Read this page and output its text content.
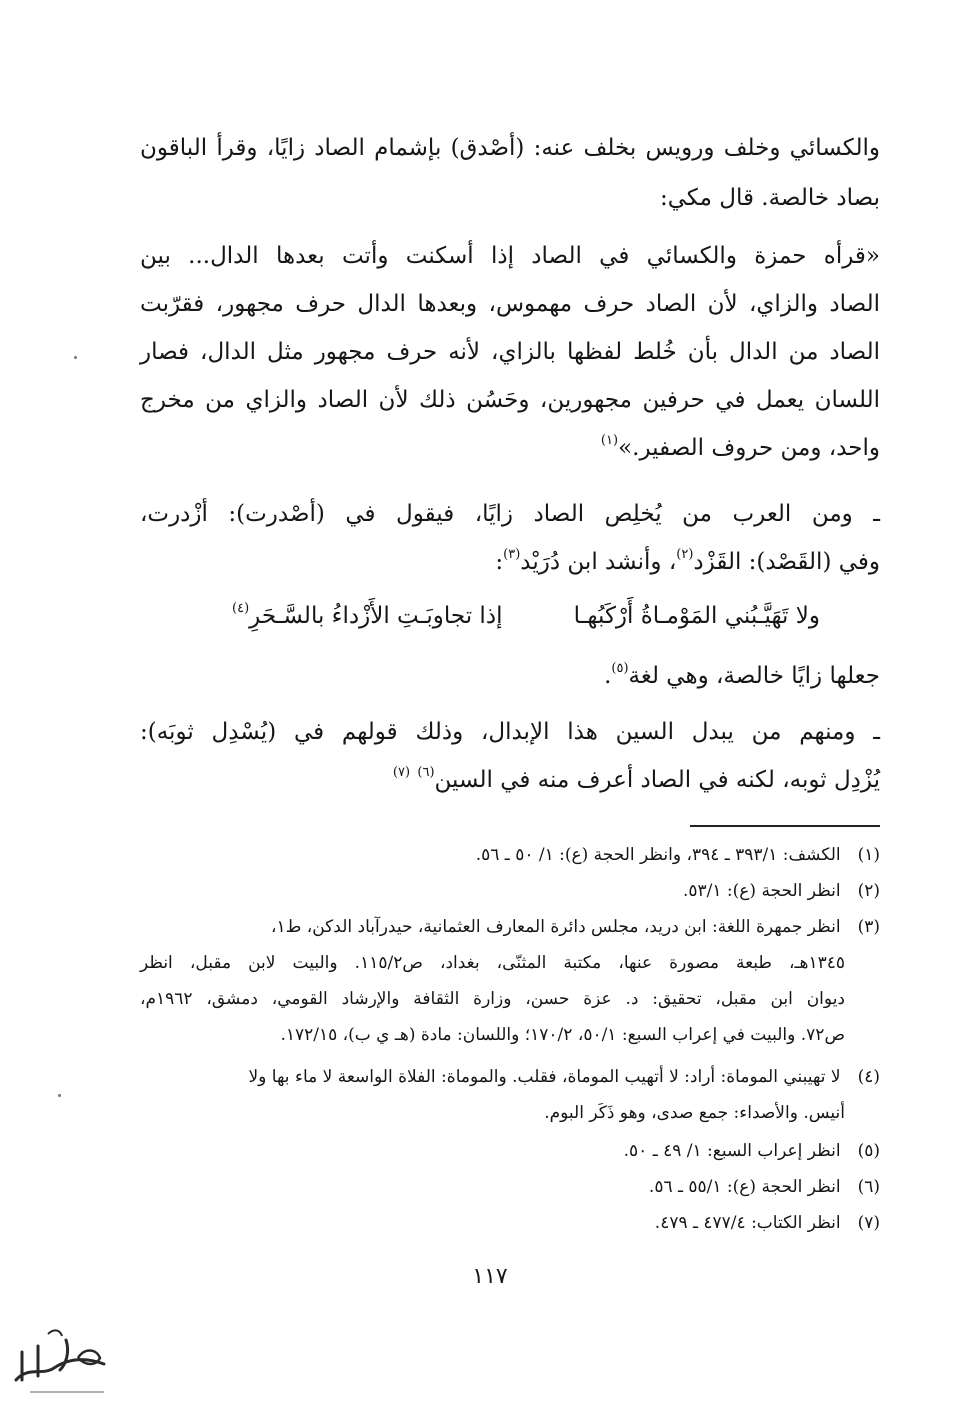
والكسائي وخلف ورويس بخلف عنه: (أصْدق) بإشمام الصاد زايًا، وقرأ الباقون
بصاد خالصة. قال مكي:
«قرأه حمزة والكسائي في الصاد إذا أسكنت وأتت بعدها الدال... بين
الصاد والزاي، لأن الصاد حرف مهموس، وبعدها الدال حرف مجهور، فقرّبت
الصاد من الدال بأن خُلط لفظها بالزاي، لأنه حرف مجهور مثل الدال، فصار
اللسان يعمل في حرفين مجهورين، وحَسُن ذلك لأن الصاد والزاي من مخرج
واحد، ومن حروف الصفير.»$^{(١)}$
ـ ومن العرب من يُخلِص الصاد زايًا، فيقول في (أصْدرت): أزْدرت،
وفي (القَصْد): القَزْد$^{(٢)}$، وأنشد ابن دُرَيْد$^{(٣)}$:
جعلها زايًا خالصة، وهي لغة$^{(٥)}$.
ـ ومنهم من يبدل السين هذا الإبدال، وذلك قولهم في (يُسْدِل ثوبَه):
يُزْدِل ثوبه، لكنه في الصاد أعرف منه في السين$^{(٦)}$ $^{(٧)}$
ولا تَهَيَّـبُني المَوْمـاةُ أَرْكَبُهـا
إذا تجاوبَـتِ الأَزْداءُ بالسَّـحَرِ$^{(٤)}$
(١) الكشف: ٣٩٣/١ ـ ٣٩٤، وانظر الحجة (ع): ١/ ٥٠ ـ ٥٦.
(٢) انظر الحجة (ع): ٥٣/١.
(٣) انظر جمهرة اللغة: ابن دريد، مجلس دائرة المعارف العثمانية، حيدرآباد الدكن، ط١،
١٣٤٥هـ، طبعة مصورة عنها، مكتبة المثنّى، بغداد، ص١١٥/٢. والبيت لابن مقبل، انظر
ديوان ابن مقبل، تحقيق: د. عزة حسن، وزارة الثقافة والإرشاد القومي، دمشق، ١٩٦٢م،
ص٧٢. والبيت في إعراب السبع: ٥٠/١، ١٧٠/٢؛ واللسان: مادة (هـ ي ب)، ١٧٢/١٥.
(٤) لا تهيبني الموماة: أراد: لا أتهيب الموماة، فقلب. والموماة: الفلاة الواسعة لا ماء بها ولا
أنيس. والأصداء: جمع صدى، وهو ذَكَر البوم.
(٥) انظر إعراب السبع: ١/ ٤٩ ـ ٥٠.
(٦) انظر الحجة (ع): ٥٥/١ ـ ٥٦.
(٧) انظر الكتاب: ٤٧٧/٤ ـ ٤٧٩.
١١٧
